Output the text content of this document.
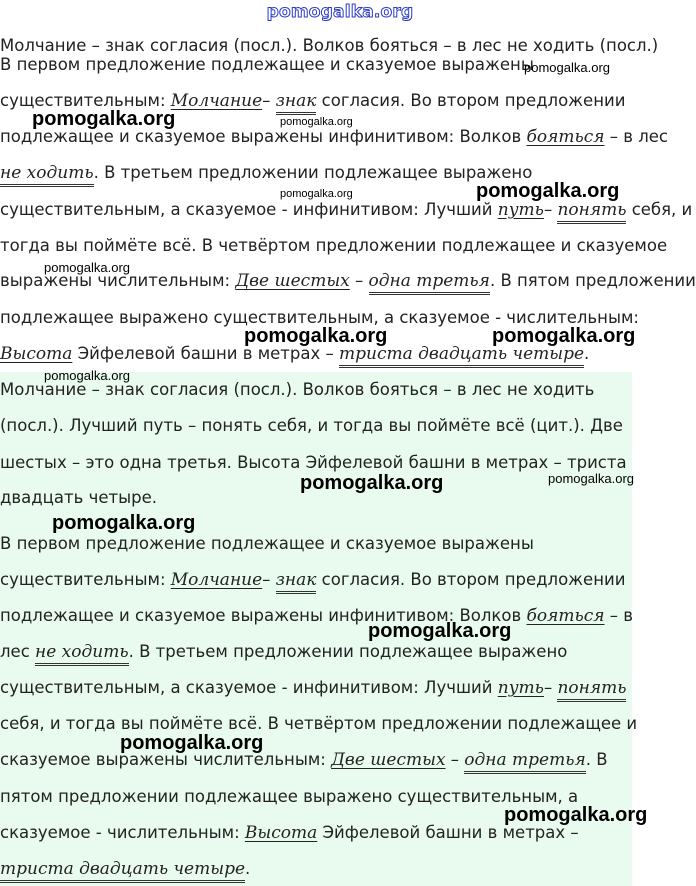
pomogalka.org
Молчание – знак согласия (посл.). Волков бояться – в лес не ходить (посл.)
В первом предложение подлежащее и сказуемое выражены
существительным: Молчание– знак согласия. Во втором предложении
подлежащее и сказуемое выражены инфинитивом: Волков бояться – в лес
не ходить. В третьем предложении подлежащее выражено
существительным, а сказуемое - инфинитивом: Лучший путь– понять себя, и
тогда вы поймёте всё. В четвёртом предложении подлежащее и сказуемое
выражены числительным: Две шестых – одна третья. В пятом предложении
подлежащее выражено существительным, а сказуемое - числительным:
Высота Эйфелевой башни в метрах – триста двадцать четыре.
Молчание – знак согласия (посл.). Волков бояться – в лес не ходить
(посл.). Лучший путь – понять себя, и тогда вы поймёте всё (цит.). Две
шестых – это одна третья. Высота Эйфелевой башни в метрах – триста
двадцать четыре.
В первом предложение подлежащее и сказуемое выражены
существительным: Молчание– знак согласия. Во втором предложении
подлежащее и сказуемое выражены инфинитивом: Волков бояться – в
лес не ходить. В третьем предложении подлежащее выражено
существительным, а сказуемое - инфинитивом: Лучший путь– понять
себя, и тогда вы поймёте всё. В четвёртом предложении подлежащее и
сказуемое выражены числительным: Две шестых – одна третья. В
пятом предложении подлежащее выражено существительным, а
сказуемое - числительным: Высота Эйфелевой башни в метрах –
триста двадцать четыре.
pomogalka.org
pomogalka.org	pomogalka.org
pomogalka.org
pomogalka.org
pomogalka.org
pomogalka.org	pomogalka.org
pomogalka.org
pomogalka.org	pomogalka.org
pomogalka.org
pomogalka.org
pomogalka.org
pomogalka.org
